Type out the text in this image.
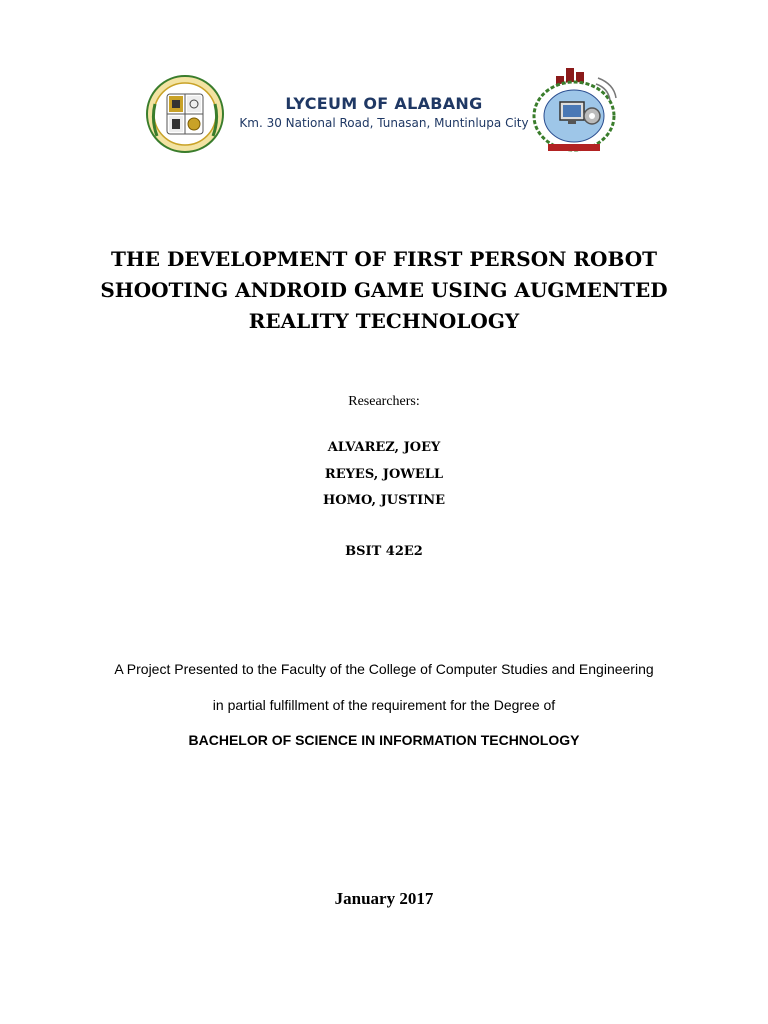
LYCEUM OF ALABANG
Km. 30 National Road, Tunasan, Muntinlupa City
THE DEVELOPMENT OF FIRST PERSON ROBOT
SHOOTING ANDROID GAME USING AUGMENTED
REALITY TECHNOLOGY
Researchers:
ALVAREZ, JOEY
REYES, JOWELL
HOMO, JUSTINE
BSIT 42E2
A Project Presented to the Faculty of the College of Computer Studies and Engineering
in partial fulfillment of the requirement for the Degree of
BACHELOR OF SCIENCE IN INFORMATION TECHNOLOGY
January 2017
